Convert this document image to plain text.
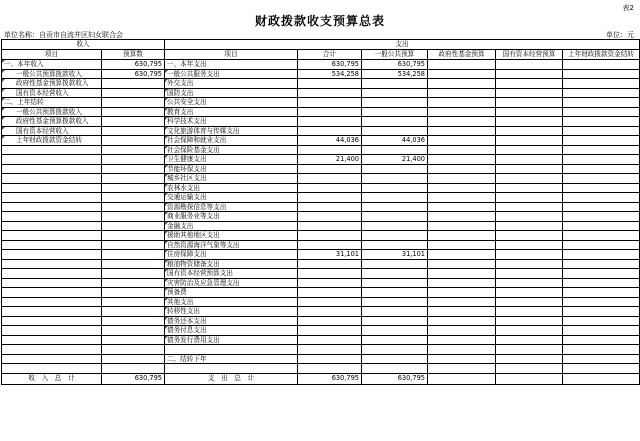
表2
财政拨款收支预算总表
单位名称：自贡市自流井区妇女联合会	单位：元
收入		支出					
项目	预算数	项目	合计	一般公共预算	政府性基金预算	国有资本经营预算	上年财政拨款资金结转
一、本年收入	630,795	一、本年支出	630,795	630,795			
一般公共预算拨款收入	630,795	一般公共服务支出	534,258	534,258			
政府性基金预算拨款收入		外交支出					
国有资本经营收入		国防支出					
二、上年结转		公共安全支出					
一般公共预算拨款收入		教育支出					
政府性基金预算拨款收入		科学技术支出					
国有资本经营收入		文化旅游体育与传媒支出					
上年财政拨款资金结转		社会保障和就业支出	44,036	44,036			
		社会保险基金支出					
		卫生健康支出	21,400	21,400			
		节能环保支出					
		城乡社区支出					
		农林水支出					
		交通运输支出					
		资源勘探信息等支出					
		商业服务业等支出					
		金融支出					
		援助其他地区支出					
		自然资源海洋气象等支出					
		住房保障支出	31,101	31,101			
		粮油物资储备支出					
		国有资本经营预算支出					
		灾害防治及应急管理支出					
		预备费					
		其他支出					
		转移性支出					
		债务还本支出					
		债务付息支出					
		债务发行费用支出					

		二、结转下年					

收　入　总　计	630,795	支　出　总　计	630,795	630,795			
